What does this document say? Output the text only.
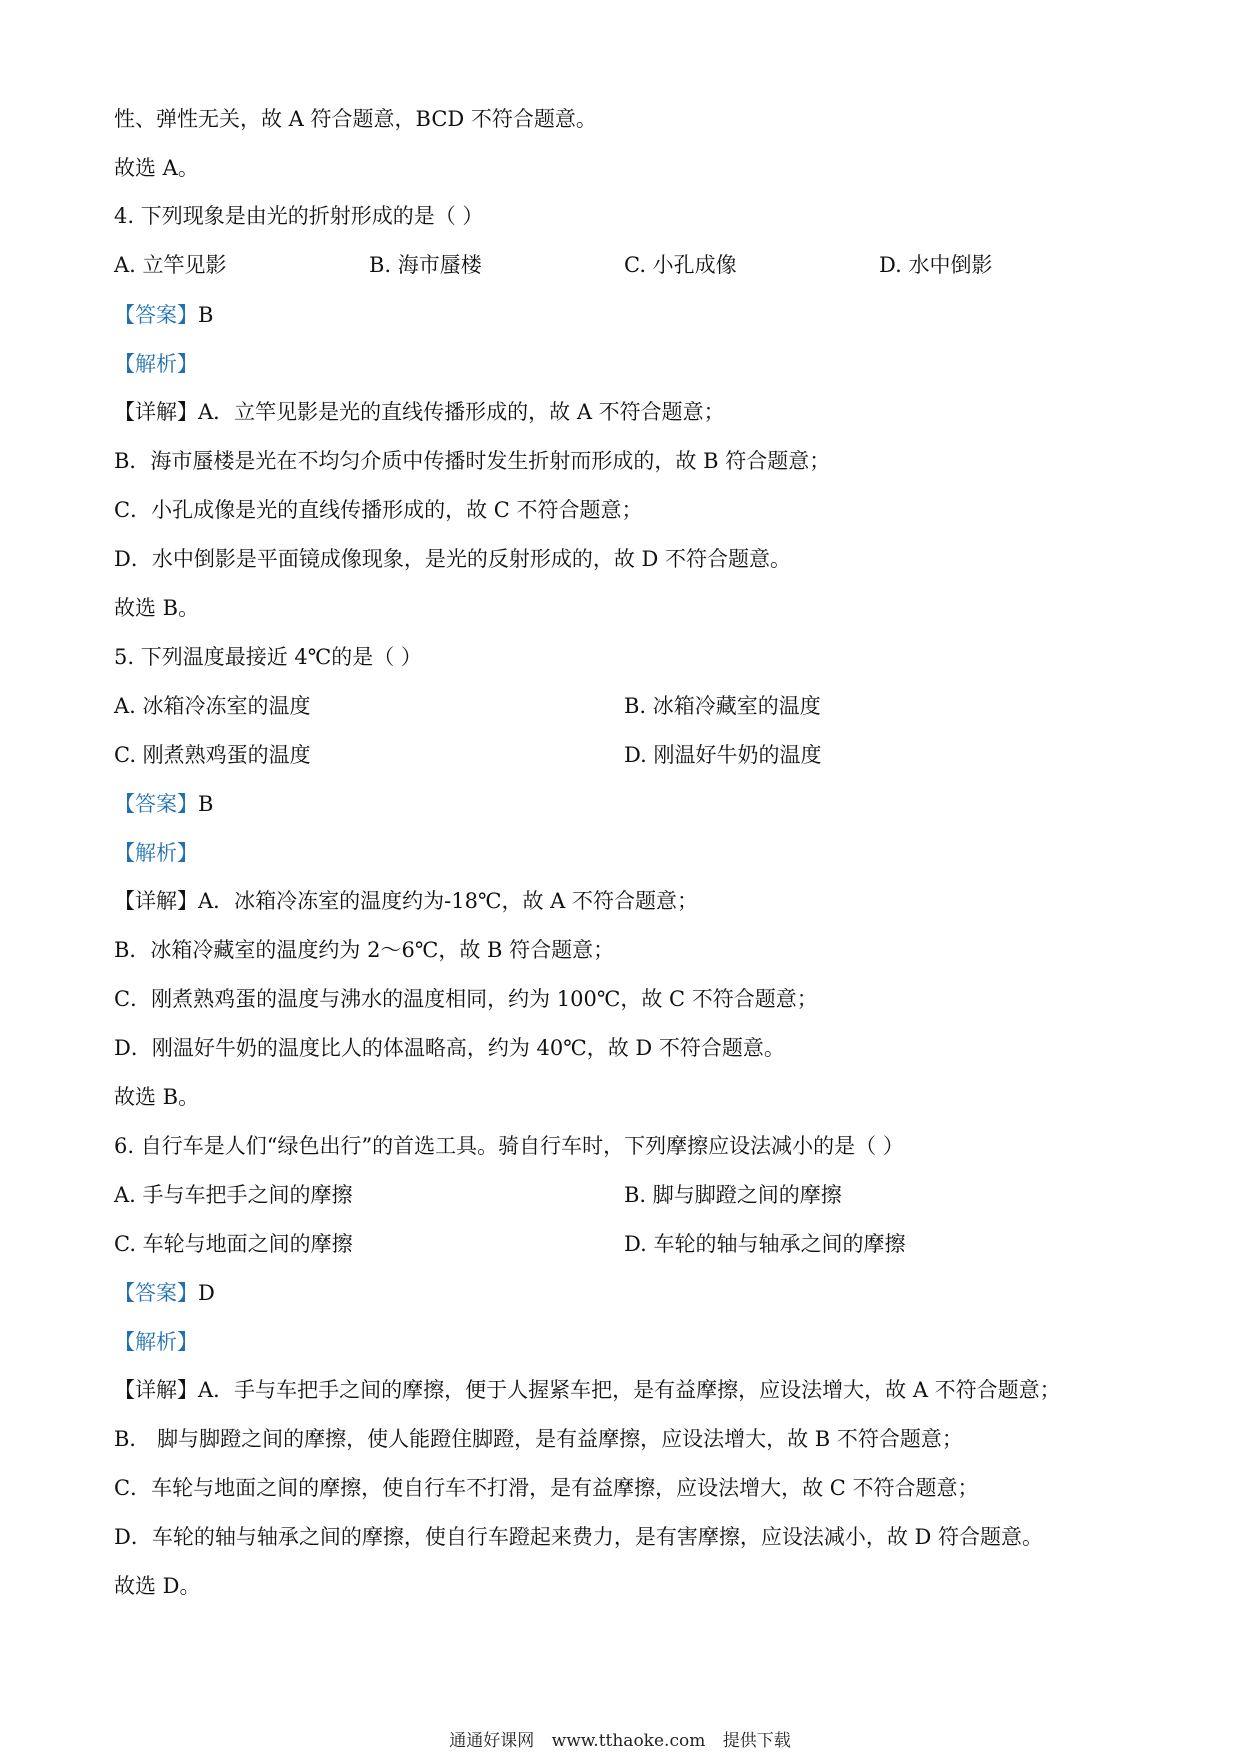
性、弹性无关，故 A 符合题意，BCD 不符合题意。
故选 A。
4. 下列现象是由光的折射形成的是（ ）
A. 立竿见影	B. 海市蜃楼	C. 小孔成像	D. 水中倒影
【答案】B
【解析】
【详解】A．立竿见影是光的直线传播形成的，故 A 不符合题意；
B．海市蜃楼是光在不均匀介质中传播时发生折射而形成的，故 B 符合题意；
C．小孔成像是光的直线传播形成的，故 C 不符合题意；
D．水中倒影是平面镜成像现象，是光的反射形成的，故 D 不符合题意。
故选 B。
5. 下列温度最接近 4℃的是（ ）
A. 冰箱冷冻室的温度	B. 冰箱冷藏室的温度
C. 刚煮熟鸡蛋的温度	D. 刚温好牛奶的温度
【答案】B
【解析】
【详解】A．冰箱冷冻室的温度约为-18℃，故 A 不符合题意；
B．冰箱冷藏室的温度约为 2～6℃，故 B 符合题意；
C．刚煮熟鸡蛋的温度与沸水的温度相同，约为 100℃，故 C 不符合题意；
D．刚温好牛奶的温度比人的体温略高，约为 40℃，故 D 不符合题意。
故选 B。
6. 自行车是人们“绿色出行”的首选工具。骑自行车时，下列摩擦应设法减小的是（ ）
A. 手与车把手之间的摩擦	B. 脚与脚蹬之间的摩擦
C. 车轮与地面之间的摩擦	D. 车轮的轴与轴承之间的摩擦
【答案】D
【解析】
【详解】A．手与车把手之间的摩擦，便于人握紧车把，是有益摩擦，应设法增大，故 A 不符合题意；
B． 脚与脚蹬之间的摩擦，使人能蹬住脚蹬，是有益摩擦，应设法增大，故 B 不符合题意；
C．车轮与地面之间的摩擦，使自行车不打滑，是有益摩擦，应设法增大，故 C 不符合题意；
D．车轮的轴与轴承之间的摩擦，使自行车蹬起来费力，是有害摩擦，应设法减小，故 D 符合题意。
故选 D。
通通好课网 www.tthaoke.com 提供下载
